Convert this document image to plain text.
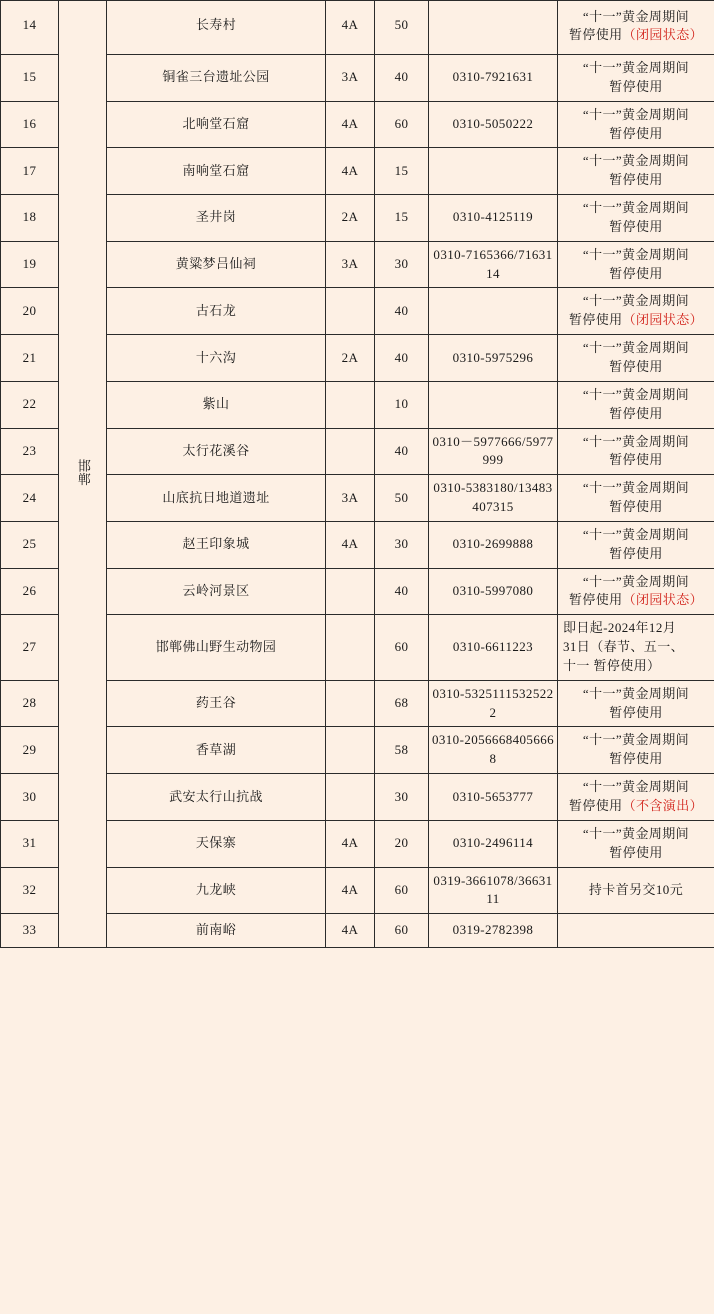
14	邯郸	长寿村	4A	50		“十一”黄金周期间
暂停使用（闭园状态）

15		铜雀三台遗址公园	3A	40	0310-7921631	“十一”黄金周期间
暂停使用

16		北响堂石窟	4A	60	0310-5050222	“十一”黄金周期间
暂停使用

17		南响堂石窟	4A	15		“十一”黄金周期间
暂停使用

18		圣井岗	2A	15	0310-4125119	“十一”黄金周期间
暂停使用

19		黄粱梦吕仙祠	3A	30	0310-7165366/7163114	“十一”黄金周期间
暂停使用

20		古石龙		40		“十一”黄金周期间
暂停使用（闭园状态）

21		十六沟	2A	40	0310-5975296	“十一”黄金周期间
暂停使用

22		紫山		10		“十一”黄金周期间
暂停使用

23		太行花溪谷		40	0310－5977666/5977999	“十一”黄金周期间
暂停使用

24		山底抗日地道遗址	3A	50	0310-5383180/13483407315	“十一”黄金周期间
暂停使用

25		赵王印象城	4A	30	0310-2699888	“十一”黄金周期间
暂停使用

26		云岭河景区		40	0310-5997080	“十一”黄金周期间
暂停使用（闭园状态）

27		邯郸佛山野生动物园		60	0310-6611223	即日起-2024年12月
31日（春节、五一、
十一 暂停使用）

28		药王谷		68	0310-53251115325222	“十一”黄金周期间
暂停使用

29		香草湖		58	0310-20566684056668	“十一”黄金周期间
暂停使用

30		武安太行山抗战		30	0310-5653777	“十一”黄金周期间
暂停使用（不含演出）

31		天保寨	4A	20	0310-2496114	“十一”黄金周期间
暂停使用

32		九龙峡	4A	60	0319-3661078/3663111	持卡首另交10元

33		前南峪	4A	60	0319-2782398	
